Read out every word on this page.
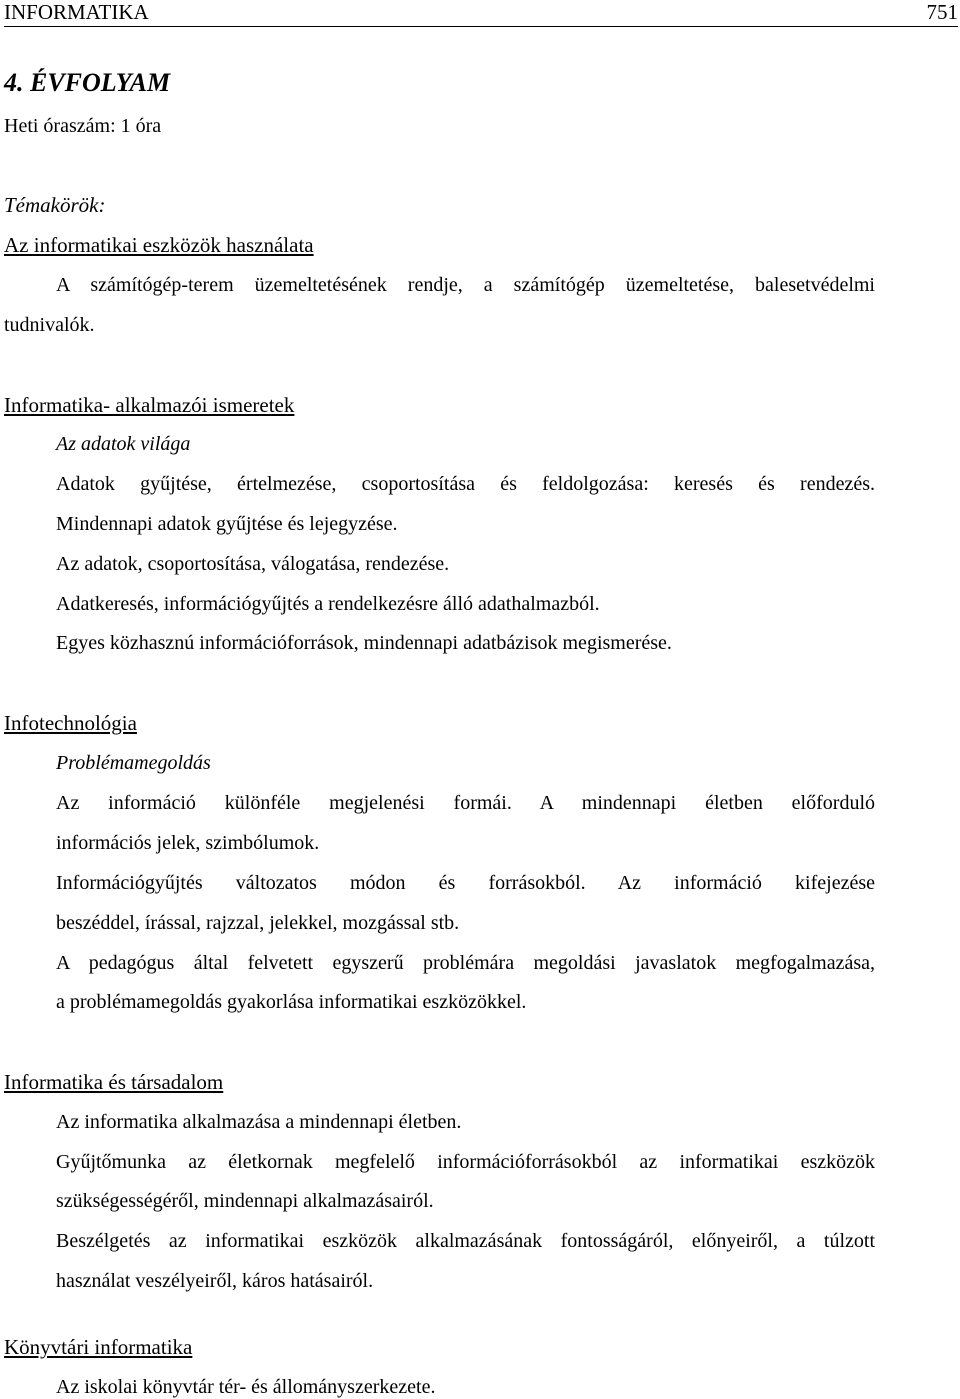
INFORMATIKA	751
4. ÉVFOLYAM
Heti óraszám: 1 óra
Témakörök:
Az informatikai eszközök használata
A számítógép-terem üzemeltetésének rendje, a számítógép üzemeltetése, balesetvédelmi
tudnivalók.
Informatika- alkalmazói ismeretek
Az adatok világa
Adatok gyűjtése, értelmezése, csoportosítása és feldolgozása: keresés és rendezés.
Mindennapi adatok gyűjtése és lejegyzése.
Az adatok, csoportosítása, válogatása, rendezése.
Adatkeresés, információgyűjtés a rendelkezésre álló adathalmazból.
Egyes közhasznú információforrások, mindennapi adatbázisok megismerése.
Infotechnológia
Problémamegoldás
Az információ különféle megjelenési formái. A mindennapi életben előforduló
információs jelek, szimbólumok.
Információgyűjtés változatos módon és forrásokból. Az információ kifejezése
beszéddel, írással, rajzzal, jelekkel, mozgással stb.
A pedagógus által felvetett egyszerű problémára megoldási javaslatok megfogalmazása,
a problémamegoldás gyakorlása informatikai eszközökkel.
Informatika és társadalom
Az informatika alkalmazása a mindennapi életben.
Gyűjtőmunka az életkornak megfelelő információforrásokból az informatikai eszközök
szükségességéről, mindennapi alkalmazásairól.
Beszélgetés az informatikai eszközök alkalmazásának fontosságáról, előnyeiről, a túlzott
használat veszélyeiről, káros hatásairól.
Könyvtári informatika
Az iskolai könyvtár tér- és állományszerkezete.
